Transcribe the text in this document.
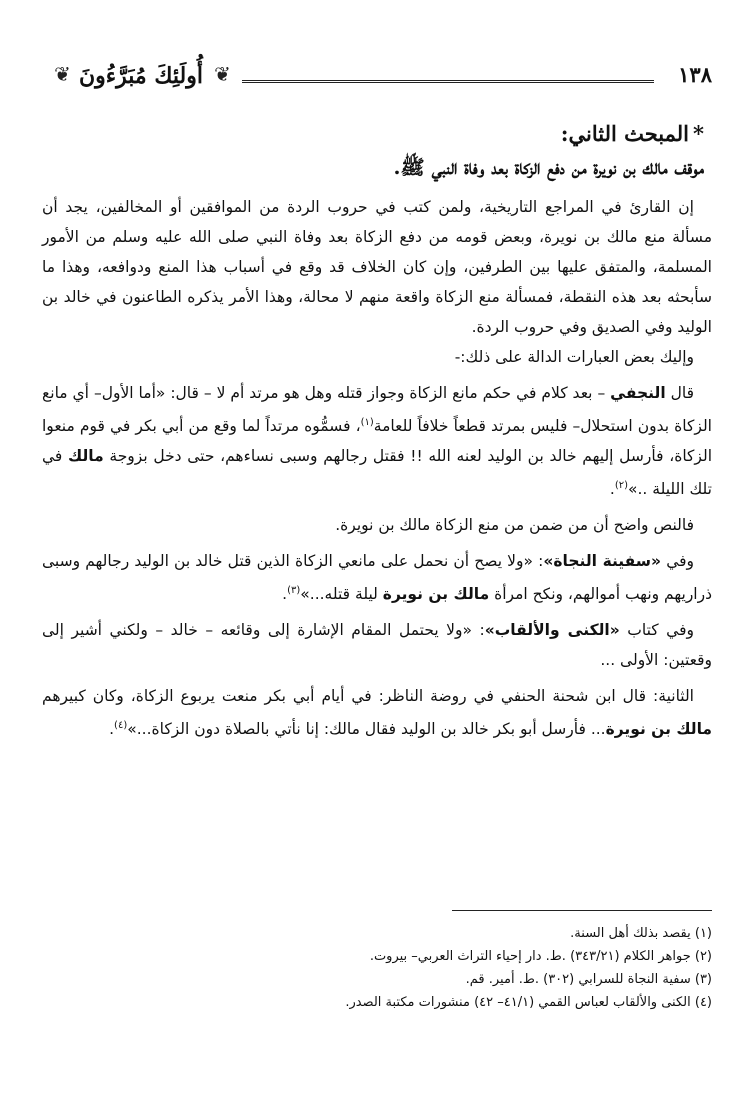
❦ أُولَئِكَ مُبَرَّءُونَ ❦	١٣٨
*المبحث الثاني:
موقف مالك بن نويرة من دفع الزكاة بعد وفاة النبي ﷺ.

إن القارئ في المراجع التاريخية، ولمن كتب في حروب الردة من الموافقين أو المخالفين، يجد أن مسألة منع مالك بن نويرة، وبعض قومه من دفع الزكاة بعد وفاة النبي صلى الله عليه وسلم من الأمور المسلمة، والمتفق عليها بين الطرفين، وإن كان الخلاف قد وقع في أسباب هذا المنع ودوافعه، وهذا ما سأبحثه بعد هذه النقطة، فمسألة منع الزكاة واقعة منهم لا محالة، وهذا الأمر يذكره الطاعنون في خالد بن الوليد وفي الصديق وفي حروب الردة.

وإليك بعض العبارات الدالة على ذلك:-

قال النجفي – بعد كلام في حكم مانع الزكاة وجواز قتله وهل هو مرتد أم لا – قال: «أما الأول– أي مانع الزكاة بدون استحلال– فليس بمرتد قطعاً خلافاً للعامة$^{(١)}$، فسمُّوه مرتداً لما وقع من أبي بكر في قوم منعوا الزكاة، فأرسل إليهم خالد بن الوليد لعنه الله !! فقتل رجالهم وسبى نساءهم، حتى دخل بزوجة مالك في تلك الليلة ..»$^{(٢)}$.

فالنص واضح أن من ضمن من منع الزكاة مالك بن نويرة.

وفي «سفينة النجاة»: «ولا يصح أن نحمل على مانعي الزكاة الذين قتل خالد بن الوليد رجالهم وسبى ذراريهم ونهب أموالهم، ونكح امرأة مالك بن نويرة ليلة قتله...»$^{(٣)}$.

وفي كتاب «الكنى والألقاب»: «ولا يحتمل المقام الإشارة إلى وقائعه – خالد – ولكني أشير إلى وقعتين: الأولى ...

الثانية: قال ابن شحنة الحنفي في روضة الناظر: في أيام أبي بكر منعت يربوع الزكاة، وكان كبيرهم مالك بن نويرة... فأرسل أبو بكر خالد بن الوليد فقال مالك: إنا نأتي بالصلاة دون الزكاة...»$^{(٤)}$.

(١) يقصد بذلك أهل السنة.

(٢) جواهر الكلام (٣٤٣/٢١) .ط. دار إحياء التراث العربي– بيروت.

(٣) سفية النجاة للسرابي (٣٠٢) .ط. أمير. قم.

(٤) الكنى والألقاب لعباس القمي (٤١/١– ٤٢) منشورات مكتبة الصدر.
